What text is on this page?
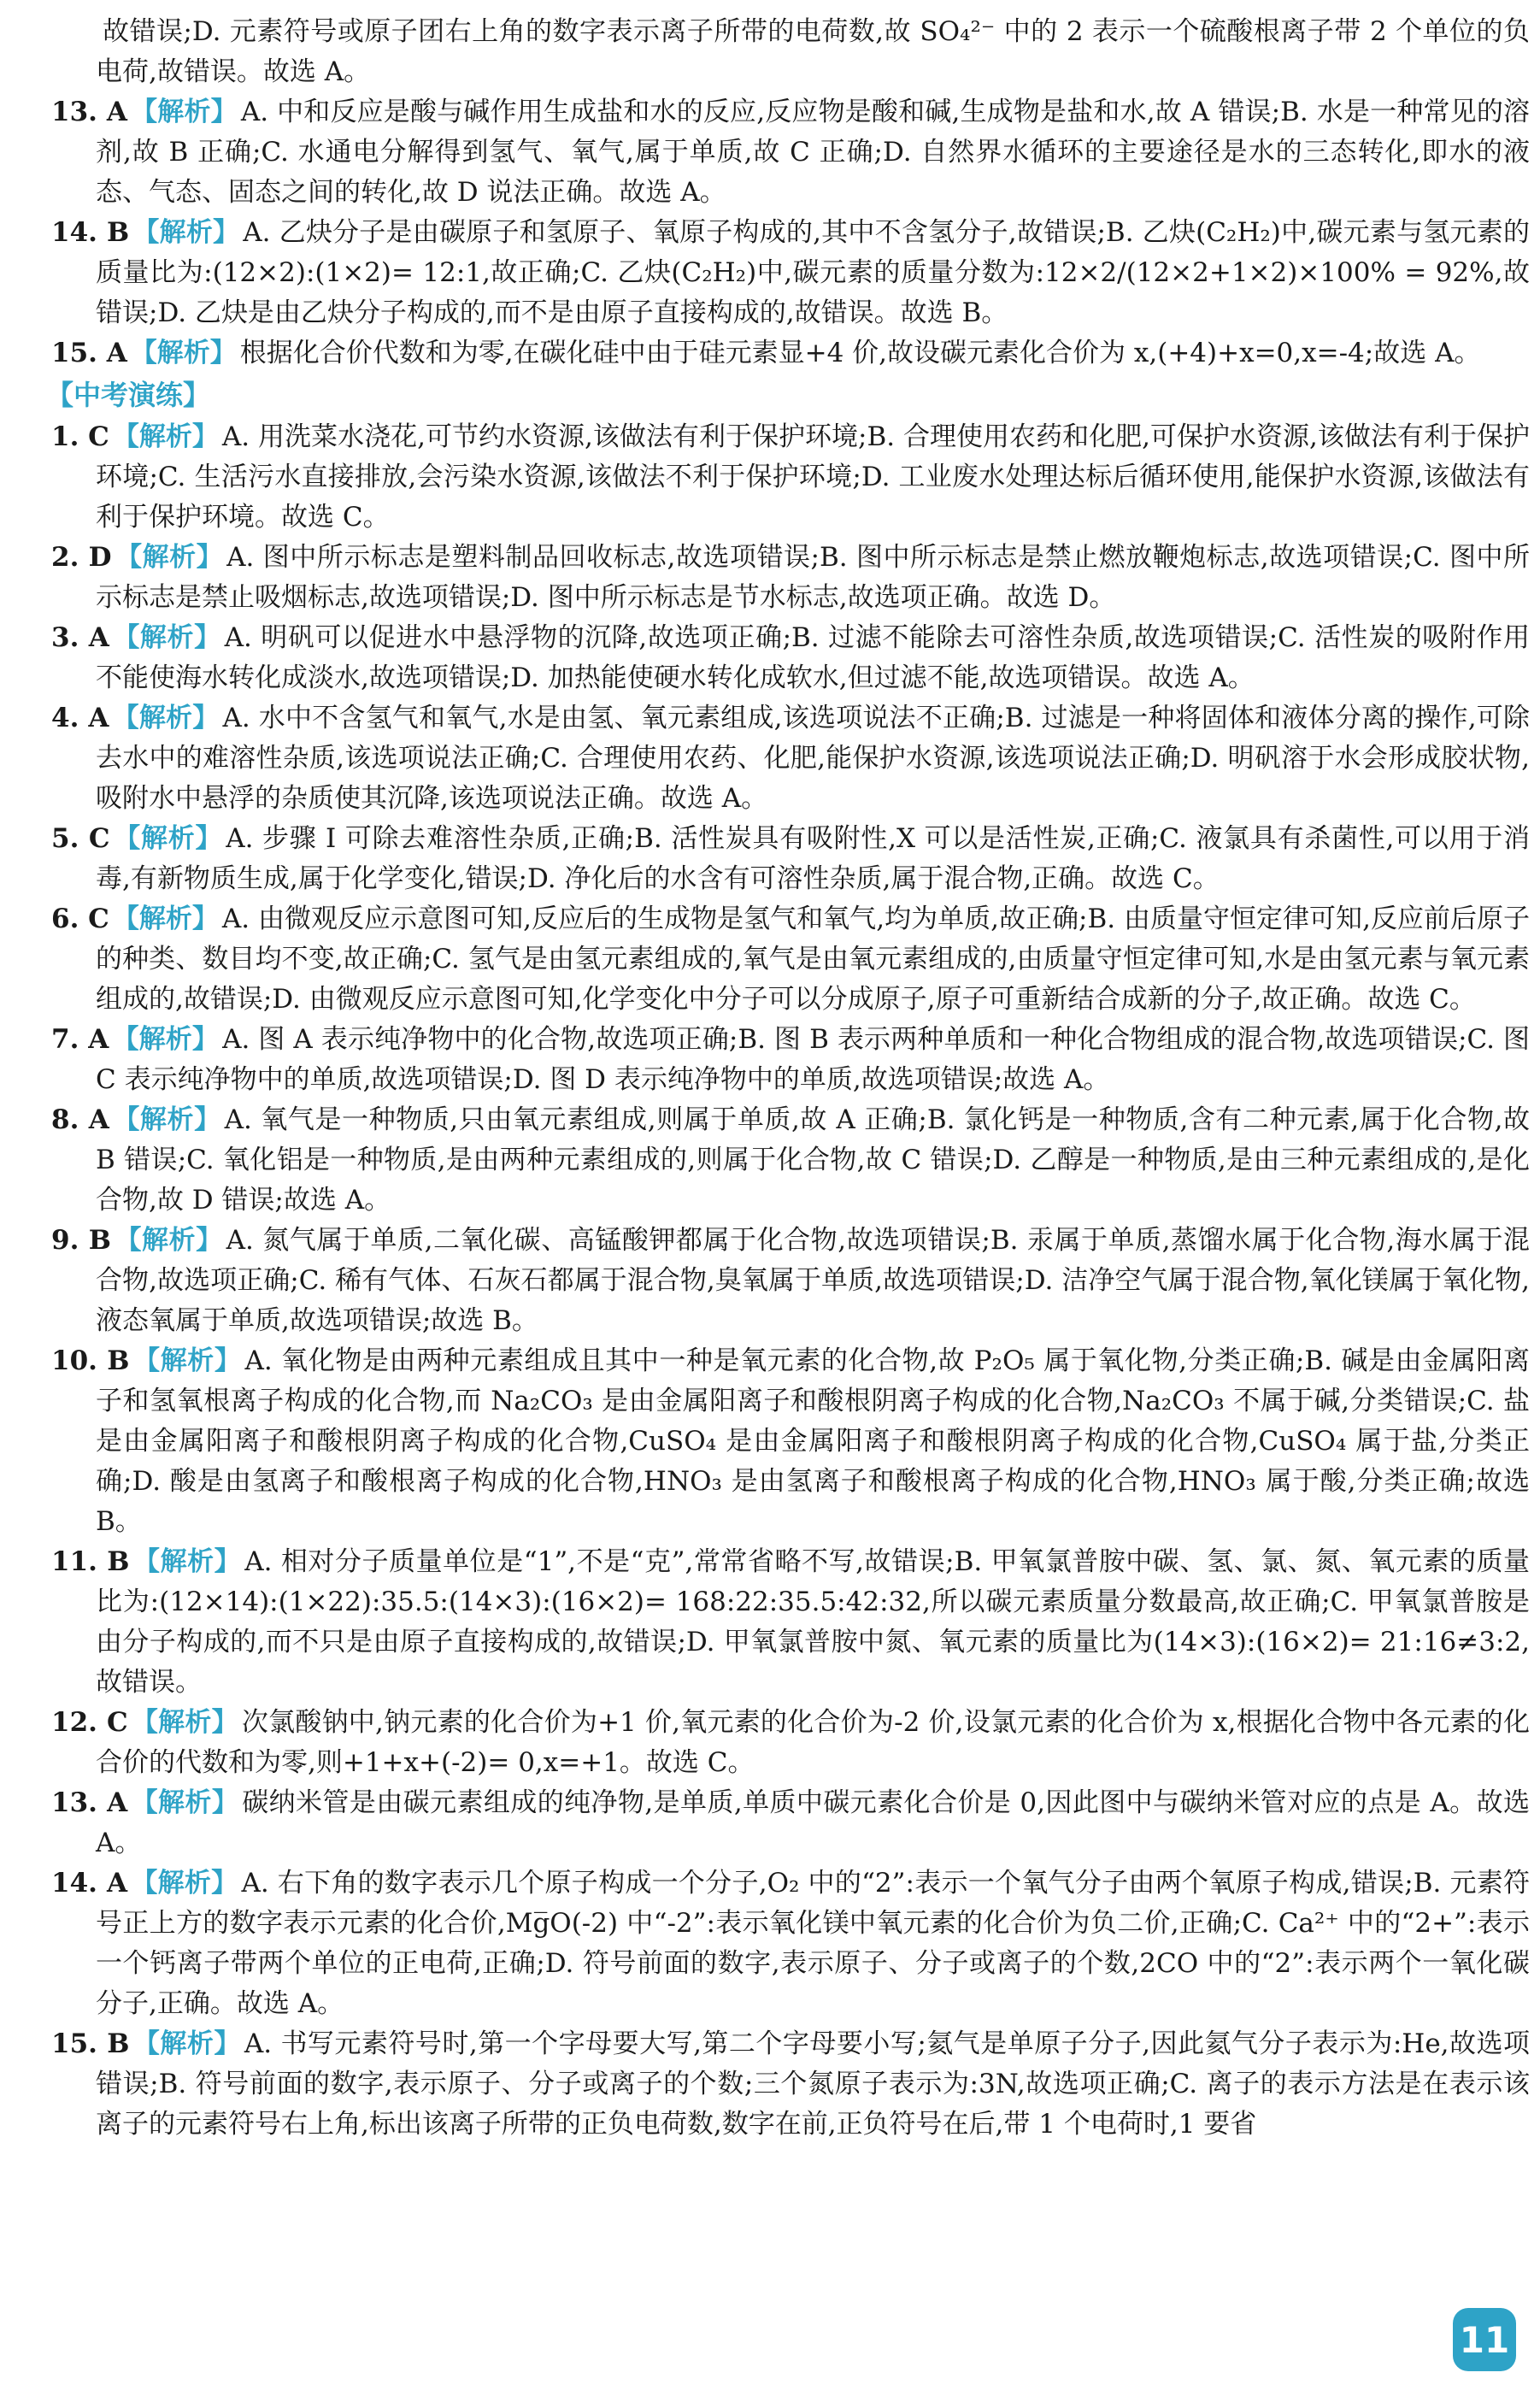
故错误;D. 元素符号或原子团右上角的数字表示离子所带的电荷数,故 SO₄²⁻ 中的 2 表示一个硫酸根离子带 2 个单位的负电荷,故错误。故选 A。

13. A 【解析】 A. 中和反应是酸与碱作用生成盐和水的反应,反应物是酸和碱,生成物是盐和水,故 A 错误;B. 水是一种常见的溶剂,故 B 正确;C. 水通电分解得到氢气、氧气,属于单质,故 C 正确;D. 自然界水循环的主要途径是水的三态转化,即水的液态、气态、固态之间的转化,故 D 说法正确。故选 A。

14. B 【解析】 A. 乙炔分子是由碳原子和氢原子、氧原子构成的,其中不含氢分子,故错误;B. 乙炔(C₂H₂)中,碳元素与氢元素的质量比为:(12×2):(1×2)= 12:1,故正确;C. 乙炔(C₂H₂)中,碳元素的质量分数为:12×2/(12×2+1×2)×100% = 92%,故错误;D. 乙炔是由乙炔分子构成的,而不是由原子直接构成的,故错误。故选 B。

15. A 【解析】 根据化合价代数和为零,在碳化硅中由于硅元素显+4 价,故设碳元素化合价为 x,(+4)+x=0,x=-4;故选 A。

【中考演练】

1. C 【解析】 A. 用洗菜水浇花,可节约水资源,该做法有利于保护环境;B. 合理使用农药和化肥,可保护水资源,该做法有利于保护环境;C. 生活污水直接排放,会污染水资源,该做法不利于保护环境;D. 工业废水处理达标后循环使用,能保护水资源,该做法有利于保护环境。故选 C。

2. D 【解析】 A. 图中所示标志是塑料制品回收标志,故选项错误;B. 图中所示标志是禁止燃放鞭炮标志,故选项错误;C. 图中所示标志是禁止吸烟标志,故选项错误;D. 图中所示标志是节水标志,故选项正确。故选 D。

3. A 【解析】 A. 明矾可以促进水中悬浮物的沉降,故选项正确;B. 过滤不能除去可溶性杂质,故选项错误;C. 活性炭的吸附作用不能使海水转化成淡水,故选项错误;D. 加热能使硬水转化成软水,但过滤不能,故选项错误。故选 A。

4. A 【解析】 A. 水中不含氢气和氧气,水是由氢、氧元素组成,该选项说法不正确;B. 过滤是一种将固体和液体分离的操作,可除去水中的难溶性杂质,该选项说法正确;C. 合理使用农药、化肥,能保护水资源,该选项说法正确;D. 明矾溶于水会形成胶状物,吸附水中悬浮的杂质使其沉降,该选项说法正确。故选 A。

5. C 【解析】 A. 步骤 I 可除去难溶性杂质,正确;B. 活性炭具有吸附性,X 可以是活性炭,正确;C. 液氯具有杀菌性,可以用于消毒,有新物质生成,属于化学变化,错误;D. 净化后的水含有可溶性杂质,属于混合物,正确。故选 C。

6. C 【解析】 A. 由微观反应示意图可知,反应后的生成物是氢气和氧气,均为单质,故正确;B. 由质量守恒定律可知,反应前后原子的种类、数目均不变,故正确;C. 氢气是由氢元素组成的,氧气是由氧元素组成的,由质量守恒定律可知,水是由氢元素与氧元素组成的,故错误;D. 由微观反应示意图可知,化学变化中分子可以分成原子,原子可重新结合成新的分子,故正确。故选 C。

7. A 【解析】 A. 图 A 表示纯净物中的化合物,故选项正确;B. 图 B 表示两种单质和一种化合物组成的混合物,故选项错误;C. 图 C 表示纯净物中的单质,故选项错误;D. 图 D 表示纯净物中的单质,故选项错误;故选 A。

8. A 【解析】 A. 氧气是一种物质,只由氧元素组成,则属于单质,故 A 正确;B. 氯化钙是一种物质,含有二种元素,属于化合物,故 B 错误;C. 氧化铝是一种物质,是由两种元素组成的,则属于化合物,故 C 错误;D. 乙醇是一种物质,是由三种元素组成的,是化合物,故 D 错误;故选 A。

9. B 【解析】 A. 氮气属于单质,二氧化碳、高锰酸钾都属于化合物,故选项错误;B. 汞属于单质,蒸馏水属于化合物,海水属于混合物,故选项正确;C. 稀有气体、石灰石都属于混合物,臭氧属于单质,故选项错误;D. 洁净空气属于混合物,氧化镁属于氧化物,液态氧属于单质,故选项错误;故选 B。

10. B 【解析】 A. 氧化物是由两种元素组成且其中一种是氧元素的化合物,故 P₂O₅ 属于氧化物,分类正确;B. 碱是由金属阳离子和氢氧根离子构成的化合物,而 Na₂CO₃ 是由金属阳离子和酸根阴离子构成的化合物,Na₂CO₃ 不属于碱,分类错误;C. 盐是由金属阳离子和酸根阴离子构成的化合物,CuSO₄ 是由金属阳离子和酸根阴离子构成的化合物,CuSO₄ 属于盐,分类正确;D. 酸是由氢离子和酸根离子构成的化合物,HNO₃ 是由氢离子和酸根离子构成的化合物,HNO₃ 属于酸,分类正确;故选 B。

11. B 【解析】 A. 相对分子质量单位是“1”,不是“克”,常常省略不写,故错误;B. 甲氧氯普胺中碳、氢、氯、氮、氧元素的质量比为:(12×14):(1×22):35.5:(14×3):(16×2)= 168:22:35.5:42:32,所以碳元素质量分数最高,故正确;C. 甲氧氯普胺是由分子构成的,而不只是由原子直接构成的,故错误;D. 甲氧氯普胺中氮、氧元素的质量比为(14×3):(16×2)= 21:16≠3:2,故错误。

12. C 【解析】 次氯酸钠中,钠元素的化合价为+1 价,氧元素的化合价为-2 价,设氯元素的化合价为 x,根据化合物中各元素的化合价的代数和为零,则+1+x+(-2)= 0,x=+1。故选 C。

13. A 【解析】 碳纳米管是由碳元素组成的纯净物,是单质,单质中碳元素化合价是 0,因此图中与碳纳米管对应的点是 A。故选 A。

14. A 【解析】 A. 右下角的数字表示几个原子构成一个分子,O₂ 中的“2”:表示一个氧气分子由两个氧原子构成,错误;B. 元素符号正上方的数字表示元素的化合价,Mg̅O(-2) 中“-2”:表示氧化镁中氧元素的化合价为负二价,正确;C. Ca²⁺ 中的“2+”:表示一个钙离子带两个单位的正电荷,正确;D. 符号前面的数字,表示原子、分子或离子的个数,2CO 中的“2”:表示两个一氧化碳分子,正确。故选 A。

15. B 【解析】 A. 书写元素符号时,第一个字母要大写,第二个字母要小写;氦气是单原子分子,因此氦气分子表示为:He,故选项错误;B. 符号前面的数字,表示原子、分子或离子的个数;三个氮原子表示为:3N,故选项正确;C. 离子的表示方法是在表示该离子的元素符号右上角,标出该离子所带的正负电荷数,数字在前,正负符号在后,带 1 个电荷时,1 要省

11
